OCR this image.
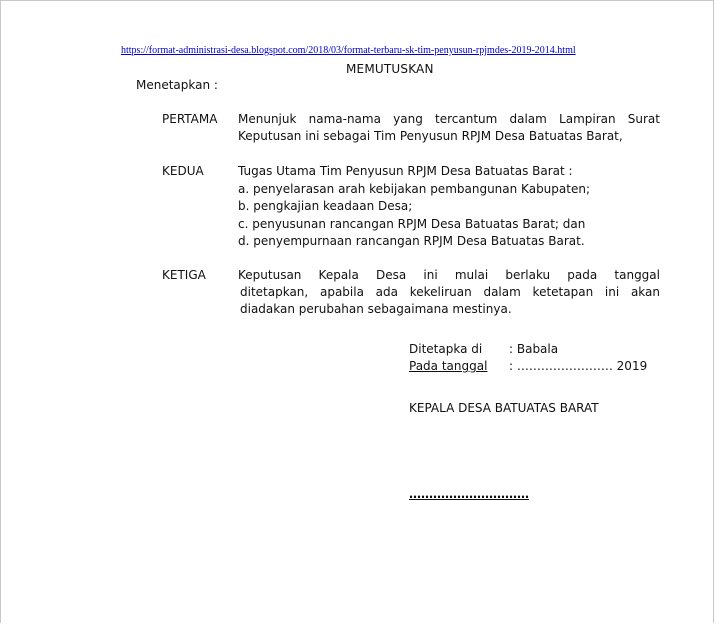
https://format-administrasi-desa.blogspot.com/2018/03/format-terbaru-sk-tim-penyusun-rpjmdes-2019-2014.html
MEMUTUSKAN
Menetapkan :
PERTAMA Menunjuk nama-nama yang tercantum dalam Lampiran Surat
Keputusan ini sebagai Tim Penyusun RPJM Desa Batuatas Barat,
KEDUA	Tugas Utama Tim Penyusun RPJM Desa Batuatas Barat :
a. penyelarasan arah kebijakan pembangunan Kabupaten;
b. pengkajian keadaan Desa;
c. penyusunan rancangan RPJM Desa Batuatas Barat; dan
d. penyempurnaan rancangan RPJM Desa Batuatas Barat.
KETIGA	Keputusan Kepala Desa ini mulai berlaku pada tanggal
ditetapkan, apabila ada kekeliruan dalam ketetapan ini akan
diadakan perubahan sebagaimana mestinya.
Ditetapka di : Babala
Pada tanggal : …………………… 2019
KEPALA DESA BATUATAS BARAT
…………………………
